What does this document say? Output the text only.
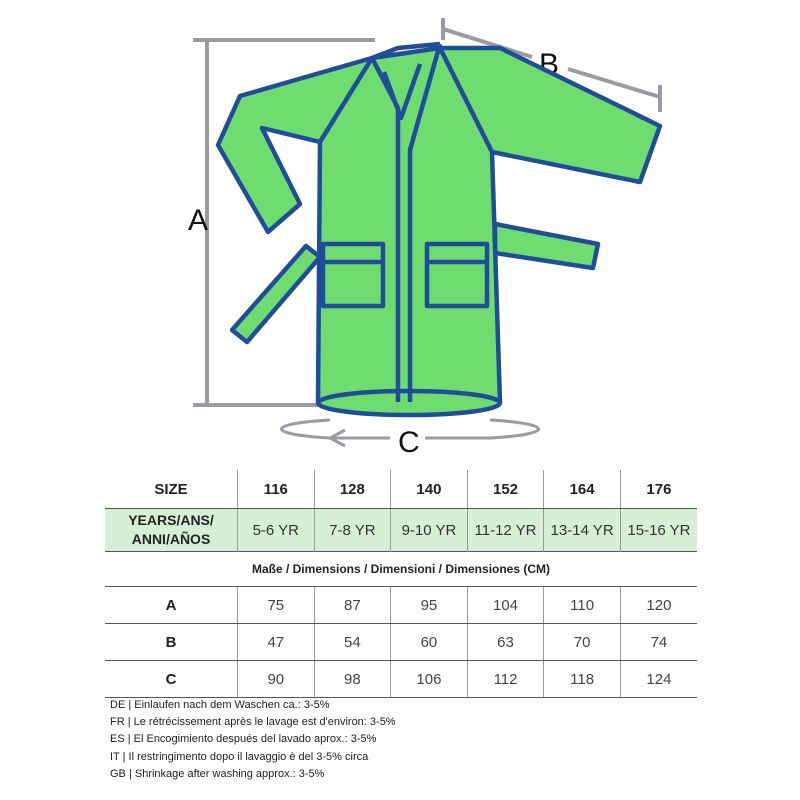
A
B
C
SIZE	116	128	140	152	164	176

YEARS/ANS/
ANNI/AÑOS	5-6 YR	7-8 YR	9-10 YR	11-12 YR	13-14 YR	15-16 YR
Maße / Dimensions / Dimensioni / Dimensiones (CM)						
A	75	87	95	104	110	120
B	47	54	60	63	70	74
C	90	98	106	112	118	124
DE | Einlaufen nach dem Waschen ca.: 3-5%
FR | Le rétrécissement après le lavage est d'environ: 3-5%
ES | El Encogimiento después del lavado aprox.: 3-5%
IT | Il restringimento dopo il lavaggio è del 3-5% circa
GB | Shrinkage after washing approx.: 3-5%
